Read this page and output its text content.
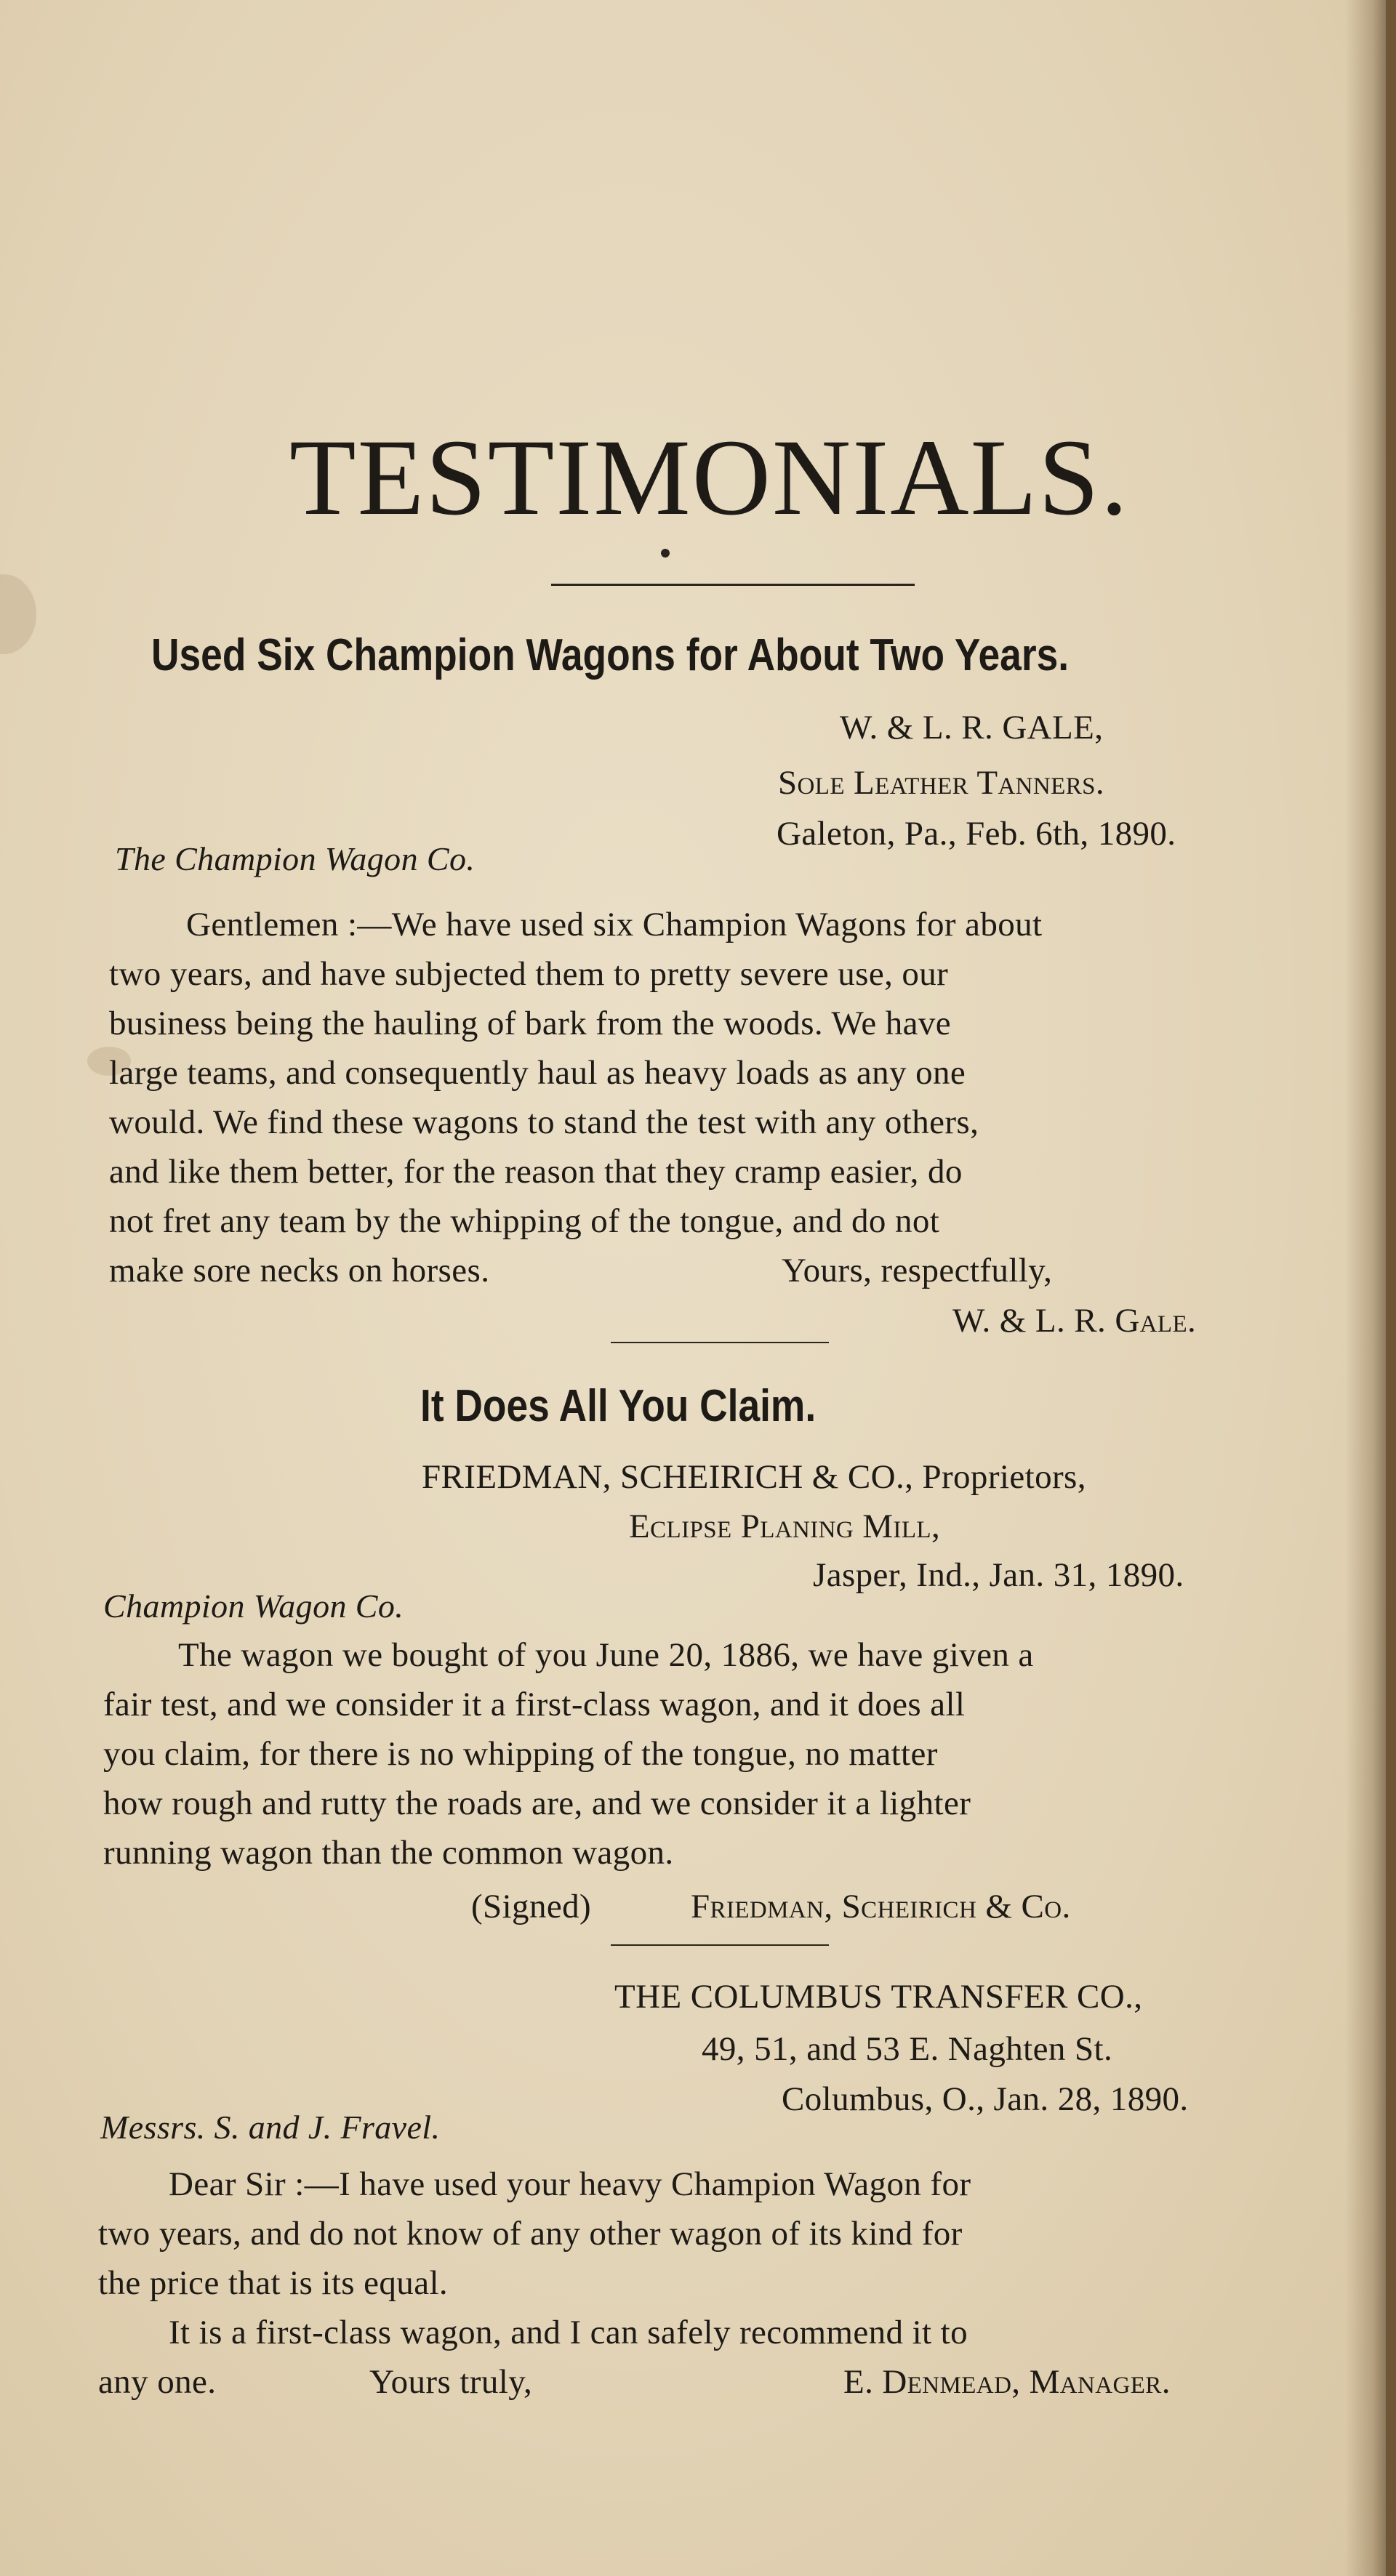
TESTIMONIALS.
Used Six Champion Wagons for About Two Years.
W. & L. R. GALE,
Sole Leather Tanners.
Galeton, Pa., Feb. 6th, 1890.
The Champion Wagon Co.
Gentlemen :—We have used six Champion Wagons for about
two years, and have subjected them to pretty severe use, our
business being the hauling of bark from the woods. We have
large teams, and consequently haul as heavy loads as any one
would. We find these wagons to stand the test with any others,
and like them better, for the reason that they cramp easier, do
not fret any team by the whipping of the tongue, and do not
make sore necks on horses.	Yours, respectfully,
W. & L. R. Gale.
It Does All You Claim.
FRIEDMAN, SCHEIRICH & CO., Proprietors,
Eclipse Planing Mill,
Jasper, Ind., Jan. 31, 1890.
Champion Wagon Co.
The wagon we bought of you June 20, 1886, we have given a
fair test, and we consider it a first-class wagon, and it does all
you claim, for there is no whipping of the tongue, no matter
how rough and rutty the roads are, and we consider it a lighter
running wagon than the common wagon.
(Signed)	Friedman, Scheirich & Co.
THE COLUMBUS TRANSFER CO.,
49, 51, and 53 E. Naghten St.
Columbus, O., Jan. 28, 1890.
Messrs. S. and J. Fravel.
Dear Sir :—I have used your heavy Champion Wagon for
two years, and do not know of any other wagon of its kind for
the price that is its equal.
It is a first-class wagon, and I can safely recommend it to
any one.	Yours truly,	E. Denmead, Manager.
